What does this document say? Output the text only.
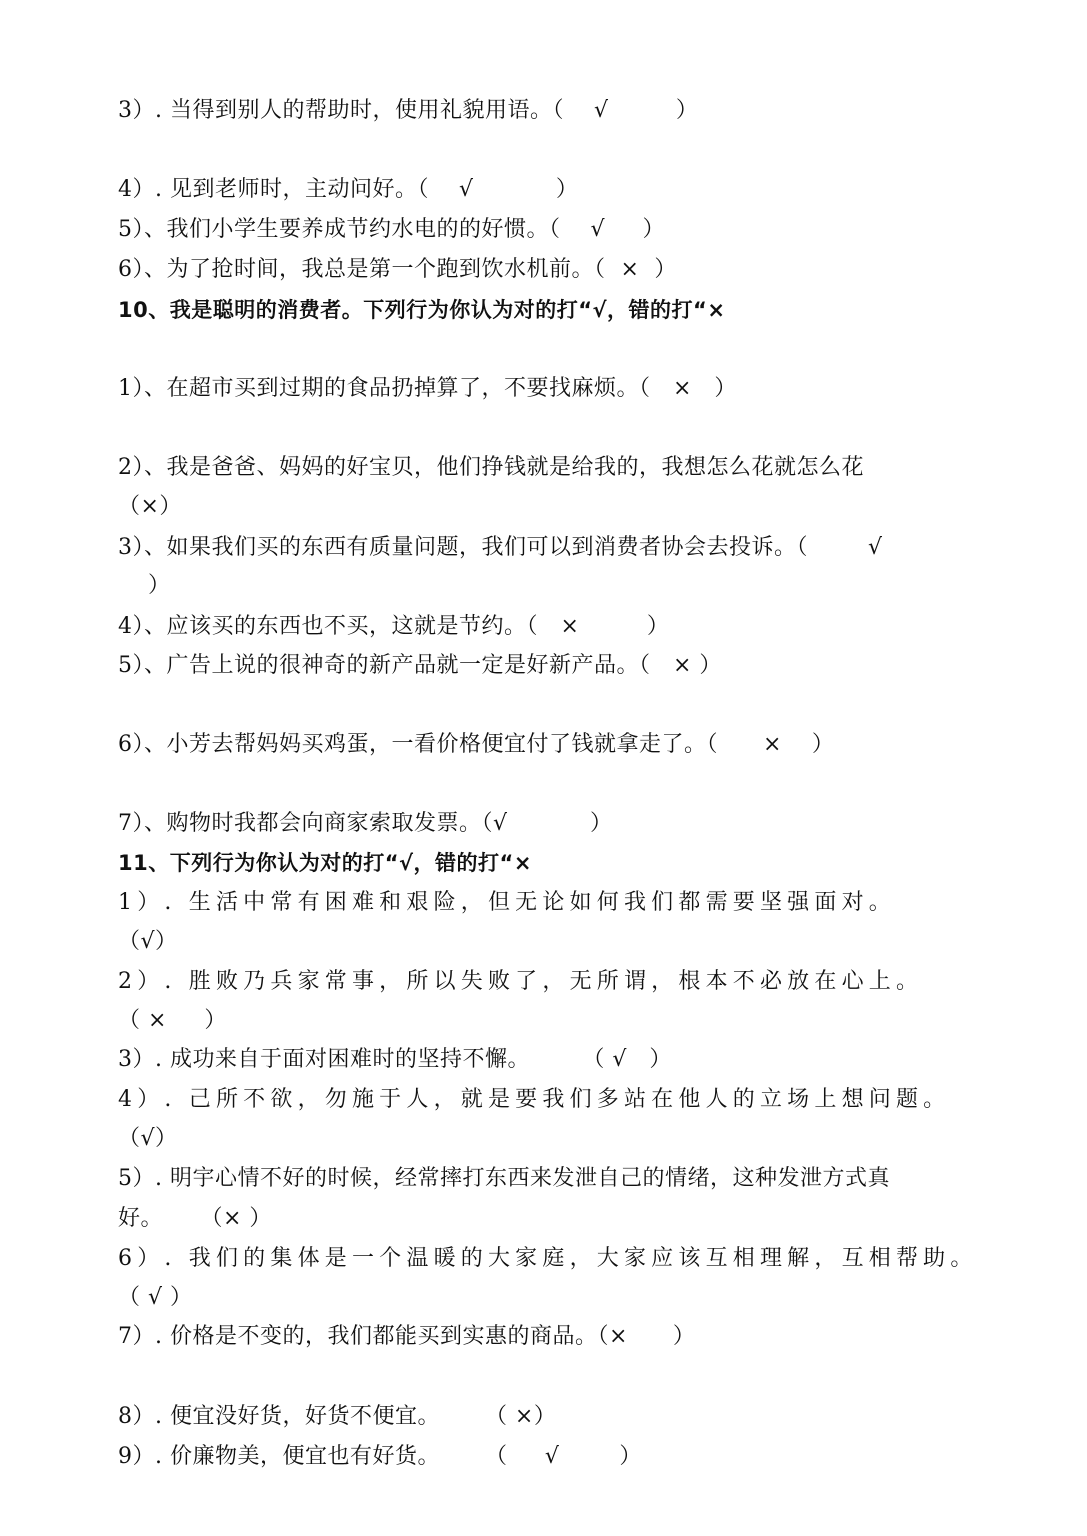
3）. 当得到别人的帮助时，使用礼貌用语。（    √         ）
4）. 见到老师时，主动问好。（    √           ）
5）、我们小学生要养成节约水电的的好惯。（    √     ）
6）、为了抢时间，我总是第一个跑到饮水机前。（  ×  ）
10、我是聪明的消费者。下列行为你认为对的打“√，错的打“×
1）、在超市买到过期的食品扔掉算了，不要找麻烦。（   ×   ）
2）、我是爸爸、妈妈的好宝贝，他们挣钱就是给我的，我想怎么花就怎么花
（×）
3）、如果我们买的东西有质量问题，我们可以到消费者协会去投诉。（        √
）
4）、应该买的东西也不买，这就是节约。（   ×         ）
5）、广告上说的很神奇的新产品就一定是好新产品。（   × ）
6）、小芳去帮妈妈买鸡蛋，一看价格便宜付了钱就拿走了。（      ×    ）
7）、购物时我都会向商家索取发票。（√           ）
11、下列行为你认为对的打“√，错的打“×
1）. 生活中常有困难和艰险，但无论如何我们都需要坚强面对。
（√）
2）. 胜败乃兵家常事，所以失败了，无所谓，根本不必放在心上。
（ ×     ）
3）. 成功来自于面对困难时的坚持不懈。       （ √   ）
4）. 己所不欲，勿施于人，就是要我们多站在他人的立场上想问题。
（√）
5）. 明宇心情不好的时候，经常摔打东西来发泄自己的情绪，这种发泄方式真
好。     （× ）
6）. 我们的集体是一个温暖的大家庭，大家应该互相理解，互相帮助。
（ √ ）
7）. 价格是不变的，我们都能买到实惠的商品。（×      ）
8）. 便宜没好货，好货不便宜。      （ ×）
9）. 价廉物美，便宜也有好货。      （     √        ）
